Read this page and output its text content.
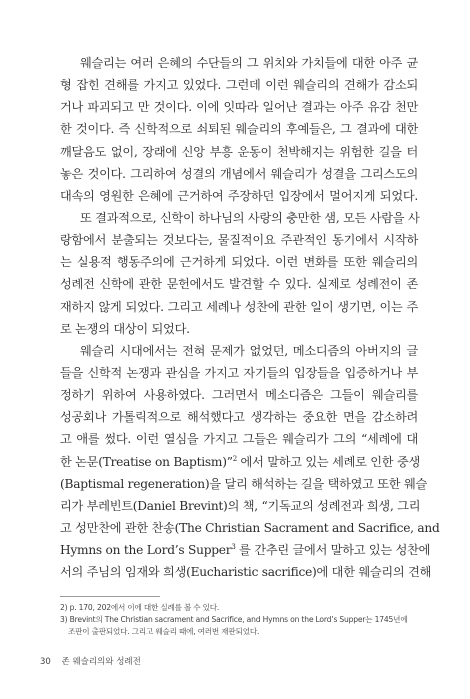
웨슬리는 여러 은혜의 수단들의 그 위치와 가치들에 대한 아주 균
형 잡힌 견해를 가지고 있었다. 그런데 이런 웨슬리의 견해가 감소되
거나 파괴되고 만 것이다. 이에 잇따라 일어난 결과는 아주 유감 천만
한 것이다. 즉 신학적으로 쇠퇴된 웨슬리의 후예들은, 그 결과에 대한
깨달음도 없이, 장래에 신앙 부흥 운동이 천박해지는 위험한 길을 터
놓은 것이다. 그리하여 성결의 개념에서 웨슬리가 성결을 그리스도의
대속의 영원한 은혜에 근거하여 주장하던 입장에서 멀어지게 되었다.
또 결과적으로, 신학이 하나님의 사랑의 충만한 샘, 모든 사람을 사
랑함에서 분출되는 것보다는, 물질적이요 주관적인 동기에서 시작하
는 실용적 행동주의에 근거하게 되었다. 이런 변화를 또한 웨슬리의
성례전 신학에 관한 문헌에서도 발견할 수 있다. 실제로 성례전이 존
재하지 않게 되었다. 그리고 세례나 성찬에 관한 일이 생기면, 이는 주
로 논쟁의 대상이 되었다.
웨슬리 시대에서는 전혀 문제가 없었던, 메소디즘의 아버지의 글
들을 신학적 논쟁과 관심을 가지고 자기들의 입장들을 입증하거나 부
정하기 위하여 사용하였다. 그러면서 메소디즘은 그들이 웨슬리를
성공회나 가톨릭적으로 해석했다고 생각하는 중요한 면을 감소하려
고 애를 썼다. 이런 열심을 가지고 그들은 웨슬리가 그의 “세례에 대
한 논문(Treatise on Baptism)”$^2$ 에서 말하고 있는 세례로 인한 중생
(Baptismal regeneration)을 달리 해석하는 길을 택하였고 또한 웨슬
리가 부레빈트(Daniel Brevint)의 책, “기독교의 성례전과 희생, 그리
고 성만찬에 관한 찬송(The Christian Sacrament and Sacrifice, and
Hymns on the Lord’s Supper$^3$ 를 간추린 글에서 말하고 있는 성찬에
서의 주님의 임재와 희생(Eucharistic sacrifice)에 대한 웨슬리의 견해
2) p. 170, 202에서 이에 대한 실례를 볼 수 있다.
3) Brevint의 The Christian sacrament and Sacrifice, and Hymns on the Lord’s Supper는 1745년에
조판이 출판되었다. 그리고 웨슬리 때에, 여러번 재판되었다.
30 존 웨슬리의와 성례전
